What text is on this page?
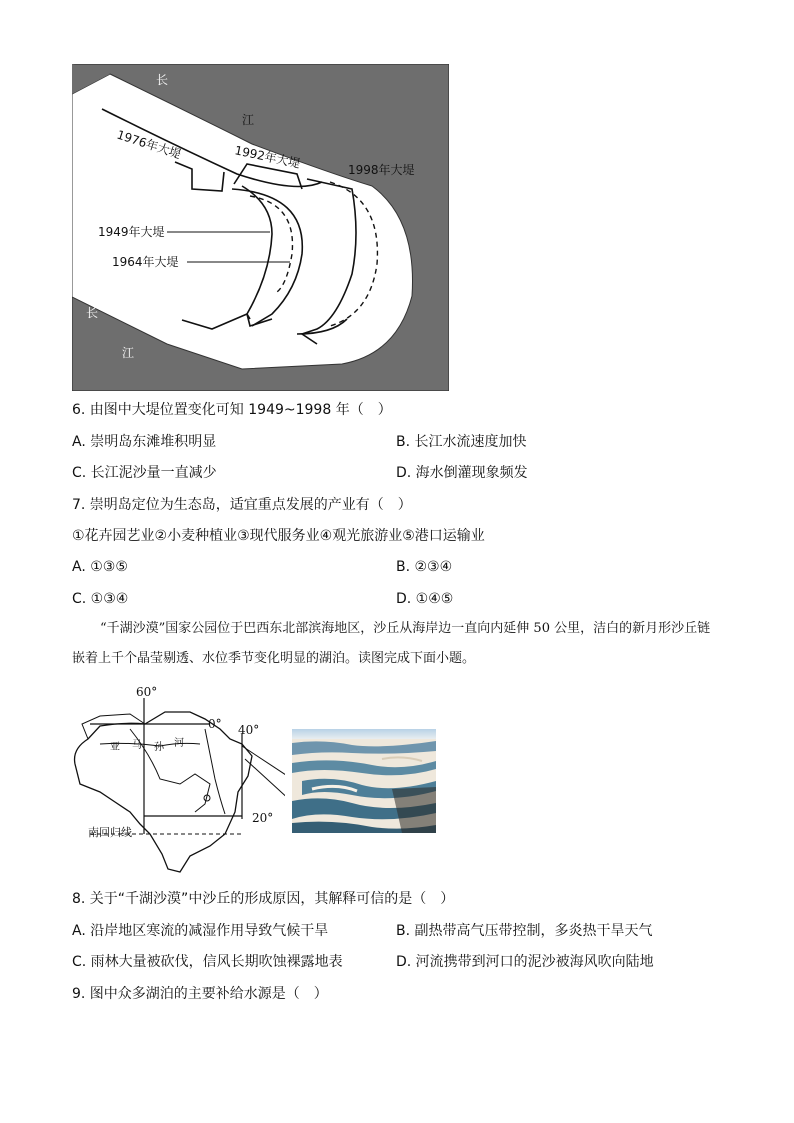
长
江
1976年大堤	1992年大堤	1998年大堤
1949年大堤
1964年大堤
长
江
6. 由图中大堤位置变化可知 1949~1998 年（　）
A. 崇明岛东滩堆积明显	B. 长江水流速度加快
C. 长江泥沙量一直减少	D. 海水倒灌现象频发
7. 崇明岛定位为生态岛，适宜重点发展的产业有（　）
①花卉园艺业②小麦种植业③现代服务业④观光旅游业⑤港口运输业
A. ①③⑤	B. ②③④
C. ①③④	D. ①④⑤
“千湖沙漠”国家公园位于巴西东北部滨海地区，沙丘从海岸边一直向内延伸 50 公里，洁白的新月形沙丘链嵌着上千个晶莹剔透、水位季节变化明显的湖泊。读图完成下面小题。
60°
0° 40°
20°
亚 马 孙 河
南回归线
8. 关于“千湖沙漠”中沙丘的形成原因，其解释可信的是（　）
A. 沿岸地区寒流的减湿作用导致气候干旱	B. 副热带高气压带控制，多炎热干旱天气
C. 雨林大量被砍伐，信风长期吹蚀裸露地表	D. 河流携带到河口的泥沙被海风吹向陆地
9. 图中众多湖泊的主要补给水源是（　）
